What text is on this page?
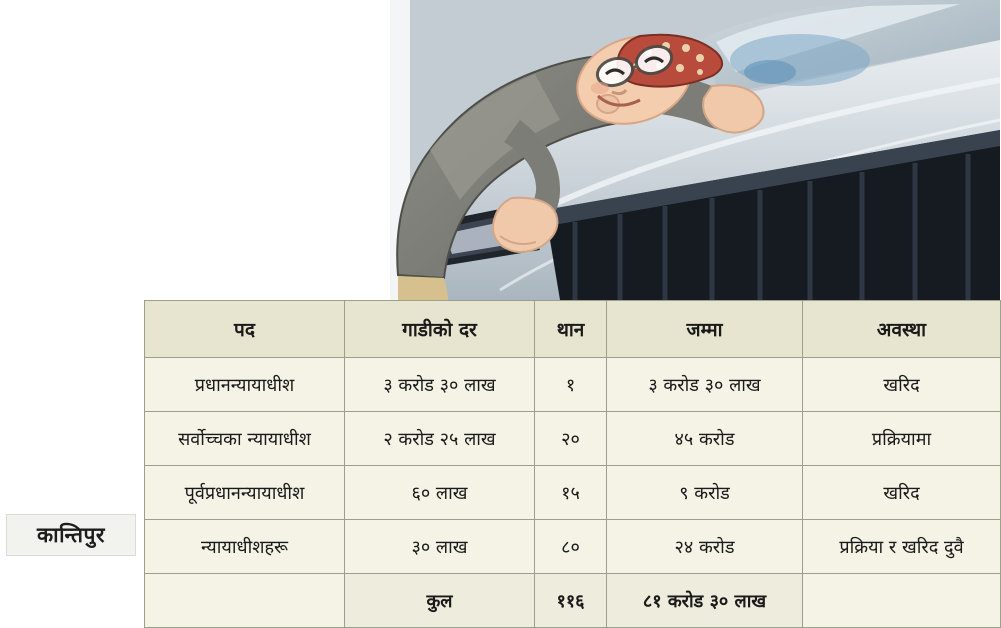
पद	गाडीको दर	थान	जम्मा	अवस्था
प्रधानन्यायाधीश	३ करोड ३० लाख	१	३ करोड ३० लाख	खरिद
सर्वोच्चका न्यायाधीश	२ करोड २५ लाख	२०	४५ करोड	प्रक्रियामा
पूर्वप्रधानन्यायाधीश	६० लाख	१५	९ करोड	खरिद
न्यायाधीशहरू	३० लाख	८०	२४ करोड	प्रक्रिया र खरिद दुवै
	कुल	११६	८१ करोड ३० लाख	
कान्तिपुर
